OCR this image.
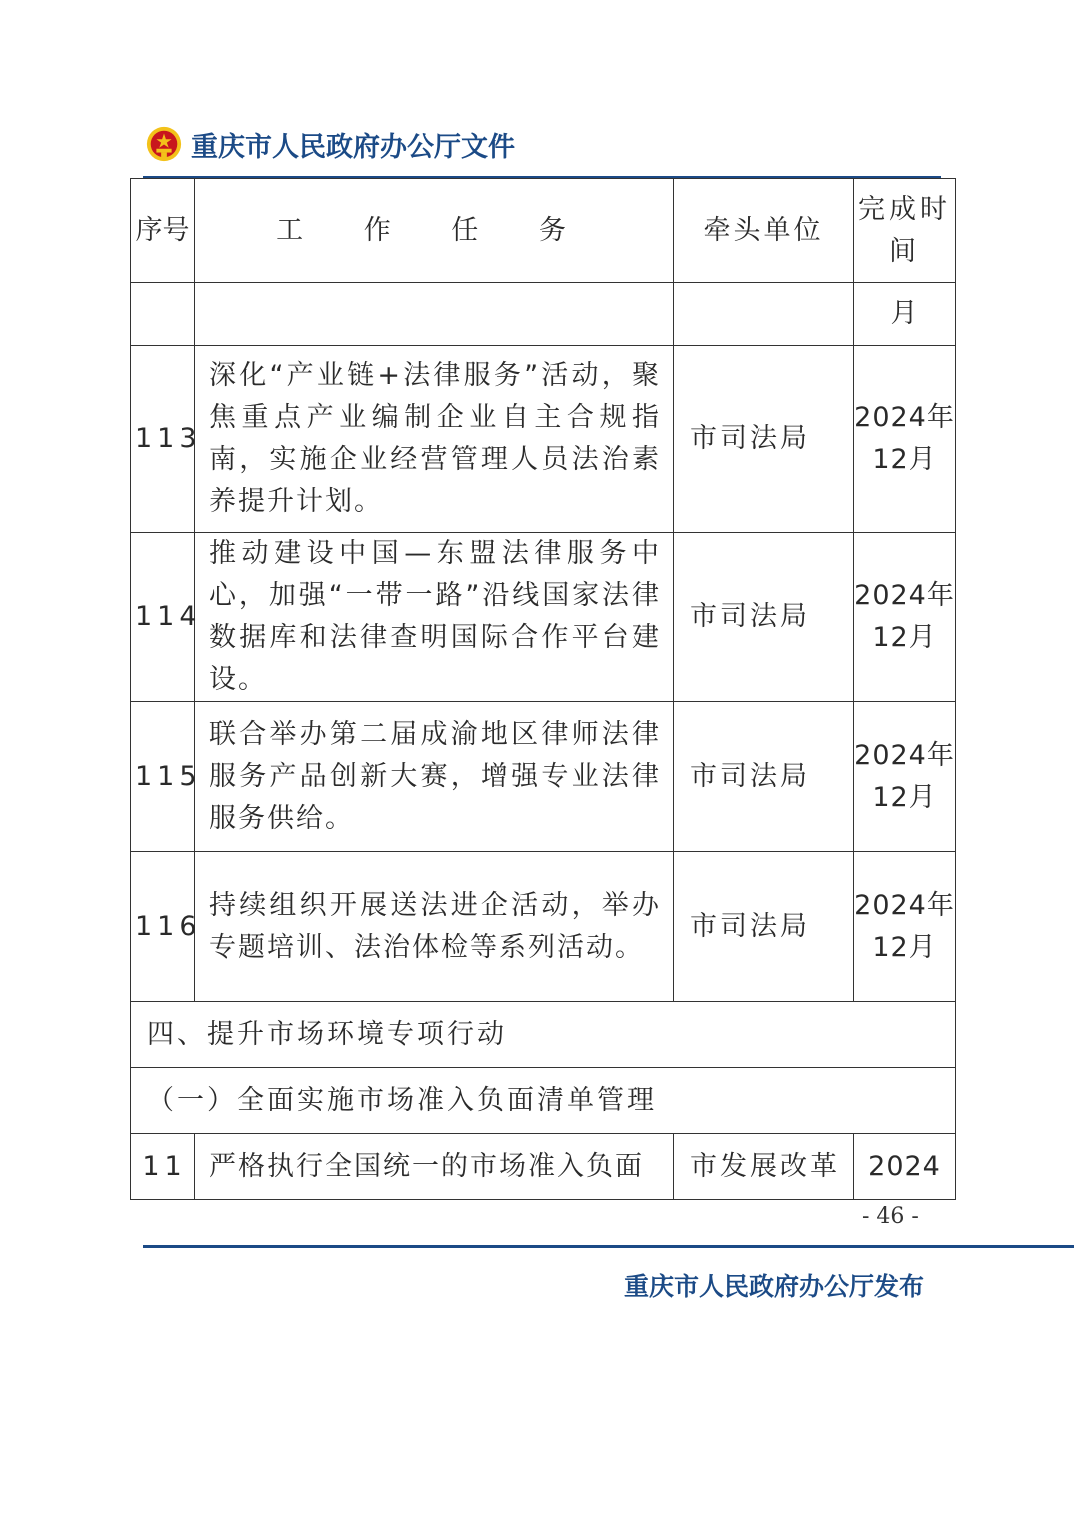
重庆市人民政府办公厅文件
序号	工 作 任 务	牵头单位	完成时间
			月
113	深化“产业链+法律服务”活动，聚焦重点产业编制企业自主合规指南，实施企业经营管理人员法治素养提升计划。	市司法局	2024年12月
114	推动建设中国—东盟法律服务中心，加强“一带一路”沿线国家法律数据库和法律查明国际合作平台建设。	市司法局	2024年12月
115	联合举办第二届成渝地区律师法律服务产品创新大赛，增强专业法律服务供给。	市司法局	2024年12月
116	持续组织开展送法进企活动，举办专题培训、法治体检等系列活动。	市司法局	2024年12月
四、提升市场环境专项行动			
（一）全面实施市场准入负面清单管理			
11	严格执行全国统一的市场准入负面	市发展改革	2024
- 46 -
重庆市人民政府办公厅发布
